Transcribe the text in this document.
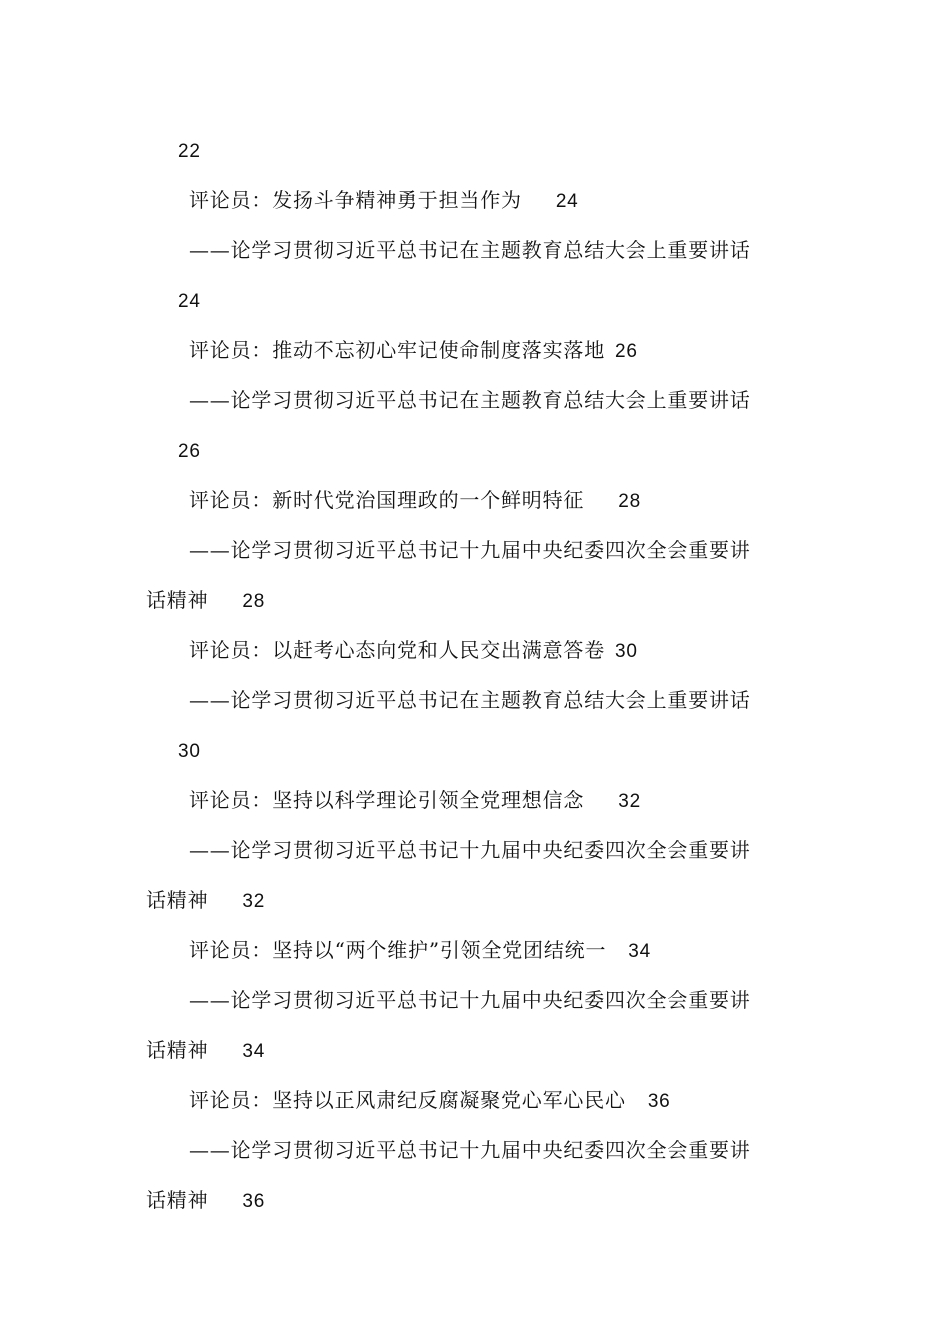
22
评论员：发扬斗争精神勇于担当作为 24
——论学习贯彻习近平总书记在主题教育总结大会上重要讲话
24
评论员：推动不忘初心牢记使命制度落实落地 26
——论学习贯彻习近平总书记在主题教育总结大会上重要讲话
26
评论员：新时代党治国理政的一个鲜明特征 28
——论学习贯彻习近平总书记十九届中央纪委四次全会重要讲
话精神 28
评论员：以赶考心态向党和人民交出满意答卷 30
——论学习贯彻习近平总书记在主题教育总结大会上重要讲话
30
评论员：坚持以科学理论引领全党理想信念 32
——论学习贯彻习近平总书记十九届中央纪委四次全会重要讲
话精神 32
评论员：坚持以“两个维护”引领全党团结统一 34
——论学习贯彻习近平总书记十九届中央纪委四次全会重要讲
话精神 34
评论员：坚持以正风肃纪反腐凝聚党心军心民心 36
——论学习贯彻习近平总书记十九届中央纪委四次全会重要讲
话精神 36
